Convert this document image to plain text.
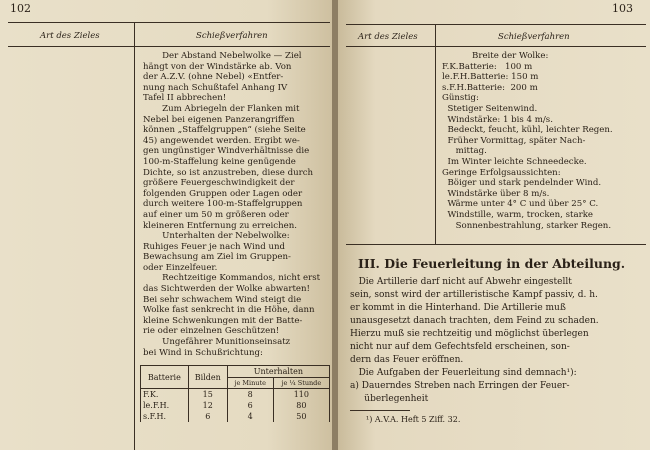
102
Art des Zieles	Schießverfahren
Der Abstand Nebelwolke — Ziel
hängt von der Windstärke ab. Von
der A.Z.V. (ohne Nebel) «Entfer-
nung nach Schußtafel Anhang IV
Tafel II abbrechen!
Zum Abriegeln der Flanken mit
Nebel bei eigenen Panzerangriffen
können „Staffelgruppen“ (siehe Seite
45) angewendet werden. Ergibt we-
gen ungünstiger Windverhältnisse die
100-m-Staffelung keine genügende
Dichte, so ist anzustreben, diese durch
größere Feuergeschwindigkeit der
folgenden Gruppen oder Lagen oder
durch weitere 100-m-Staffelgruppen
auf einer um 50 m größeren oder
kleineren Entfernung zu erreichen.
Unterhalten der Nebelwolke:
Ruhiges Feuer je nach Wind und
Bewachsung am Ziel im Gruppen-
oder Einzelfeuer.
Rechtzeitige Kommandos, nicht erst
das Sichtwerden der Wolke abwarten!
Bei sehr schwachem Wind steigt die
Wolke fast senkrecht in die Höhe, dann
kleine Schwenkungen mit der Batte-
rie oder einzelnen Geschützen!
Ungefährer Munitionseinsatz
bei Wind in Schußrichtung:
Batterie	Bilden	Unterhalten	
		je Minute	je ¼ Stunde
F.K.	15	8	110
le.F.H.	12	6	80
s.F.H.	6	4	50
103
Art des Zieles	Schießverfahren
Breite der Wolke:
F.K.Batterie:   100 m
le.F.H.Batterie: 150 m
s.F.H.Batterie:  200 m
Günstig:
Stetiger Seitenwind.
Windstärke: 1 bis 4 m/s.
Bedeckt, feucht, kühl, leichter Regen.
Früher Vormittag, später Nach-
mittag.
Im Winter leichte Schneedecke.
Geringe Erfolgsaussichten:
Böiger und stark pendelnder Wind.
Windstärke über 8 m/s.
Wärme unter 4° C und über 25° C.
Windstille, warm, trocken, starke
Sonnenbestrahlung, starker Regen.
III. Die Feuerleitung in der Abteilung.
Die Artillerie darf nicht auf Abwehr eingestellt
sein, sonst wird der artilleristische Kampf passiv, d. h.
er kommt in die Hinterhand. Die Artillerie muß
unausgesetzt danach trachten, dem Feind zu schaden.
Hierzu muß sie rechtzeitig und möglichst überlegen
nicht nur auf dem Gefechtsfeld erscheinen, son-
dern das Feuer eröffnen.
Die Aufgaben der Feuerleitung sind demnach¹):
a) Dauerndes Streben nach Erringen der Feuer-
überlegenheit
¹) A.V.A. Heft 5 Ziff. 32.
